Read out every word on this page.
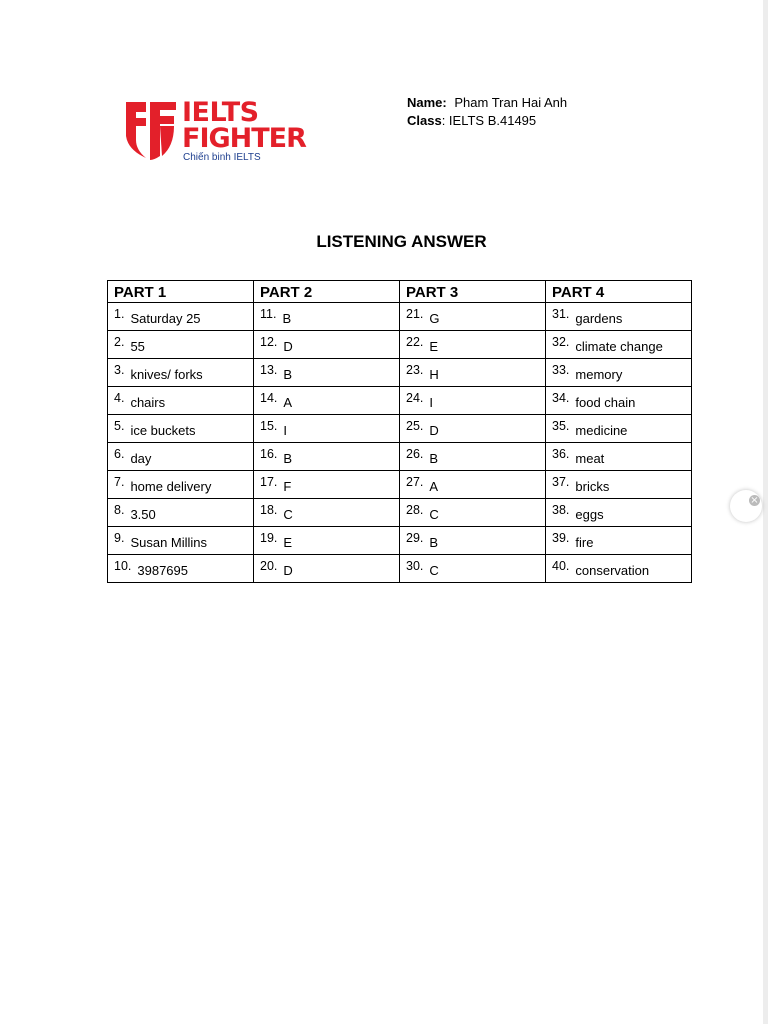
IELTS
FIGHTER
Chiến binh IELTS
Name: Pham Tran Hai Anh
Class: IELTS B.41495
LISTENING ANSWER
PART 1	PART 2	PART 3	PART 4
1. Saturday 25	11. B	21. G	31. gardens
2. 55	12. D	22. E	32. climate change
3. knives/ forks	13. B	23. H	33. memory
4. chairs	14. A	24. I	34. food chain
5. ice buckets	15. I	25. D	35. medicine
6. day	16. B	26. B	36. meat
7. home delivery	17. F	27. A	37. bricks
8. 3.50	18. C	28. C	38. eggs
9. Susan Millins	19. E	29. B	39. fire
10. 3987695	20. D	30. C	40. conservation
×
